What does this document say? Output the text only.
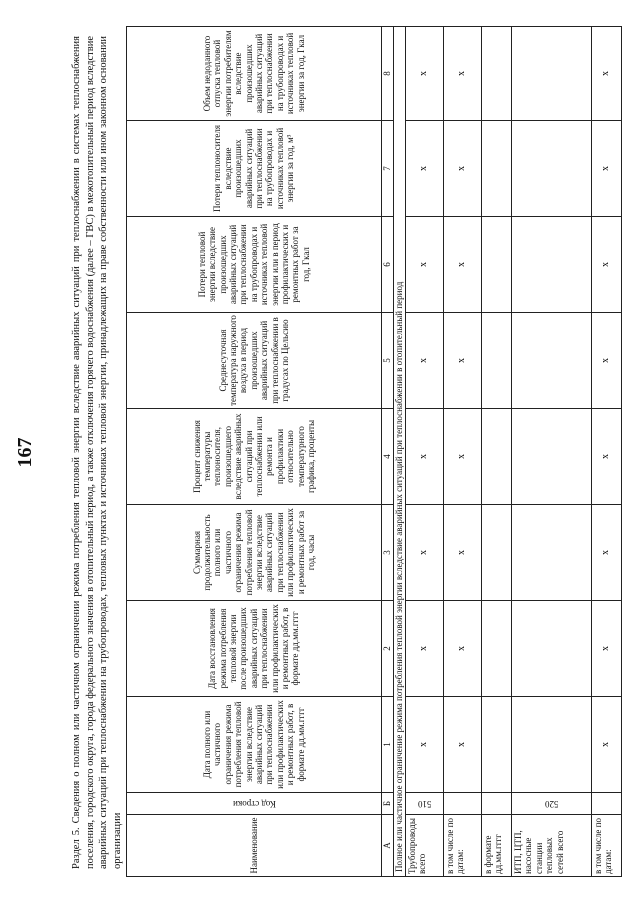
167	Раздел 5. Сведения о полном или частичном ограничении режима потребления тепловой энергии вследствие аварийных ситуаций при теплоснабжении в системах теплоснабжения поселения, городского округа, города федерального значения в отопительный период, а также отключения горячего водоснабжения (далее – ГВС) в межотопительный период вследствие аварийных ситуаций при теплоснабжении на трубопроводах, тепловых пунктах и источниках тепловой энергии, принадлежащих на праве собственности или ином законном основании организации	Наименование	Код строки	Дата полного или частичного ограничения режима потребления тепловой энергии вследствие аварийных ситуаций при теплоснабжении или профилактических и ремонтных работ, в формате дд.мм.гггг	Дата восстановления режима потребления тепловой энергии после произошедших аварийных ситуаций при теплоснабжении или профилактических и ремонтных работ, в формате дд.мм.гггг	Суммарная продолжительность полного или частичного ограничения режима потребления тепловой энергии вследствие аварийных ситуаций при теплоснабжении или профилактических и ремонтных работ за год, часы	Процент снижения температуры теплоносителя, произошедшего вследствие аварийных ситуаций при теплоснабжении или ремонта и профилактики относительно температурного графика, проценты	Среднесуточная температура наружного воздуха в период произошедших аварийных ситуаций при теплоснабжении в градусах по Цельсию	Потери тепловой энергии вследствие произошедших аварийных ситуаций при теплоснабжении на трубопроводах и источниках тепловой энергии или в период профилактических и ремонтных работ за год, Гкал	Потери теплоносителя вследствие произошедших аварийных ситуаций при теплоснабжении на трубопроводах и источниках тепловой энергии за год, м³	Объем недоданного отпуска тепловой энергии потребителям вследствие произошедших аварийных ситуаций при теплоснабжении на трубопроводах и источниках тепловой энергии за год, Гкал
А	Б	1	2	3	4	5	6	7	8
Полное или частичное ограничение режима потребления тепловой энергии вследствие аварийных ситуаций при теплоснабжении в отопительный период									
Трубопроводы всего	510	x	x	x	x	x	x	x	x
в том числе по датам:		x	x	x	x	x	x	x	x
в формате дд.мм.гггг	

ИТП, ЦТП, насосные станции тепловых сетей всего	520								

в том числе по датам:		x	x	x	x	x	x	x	x
